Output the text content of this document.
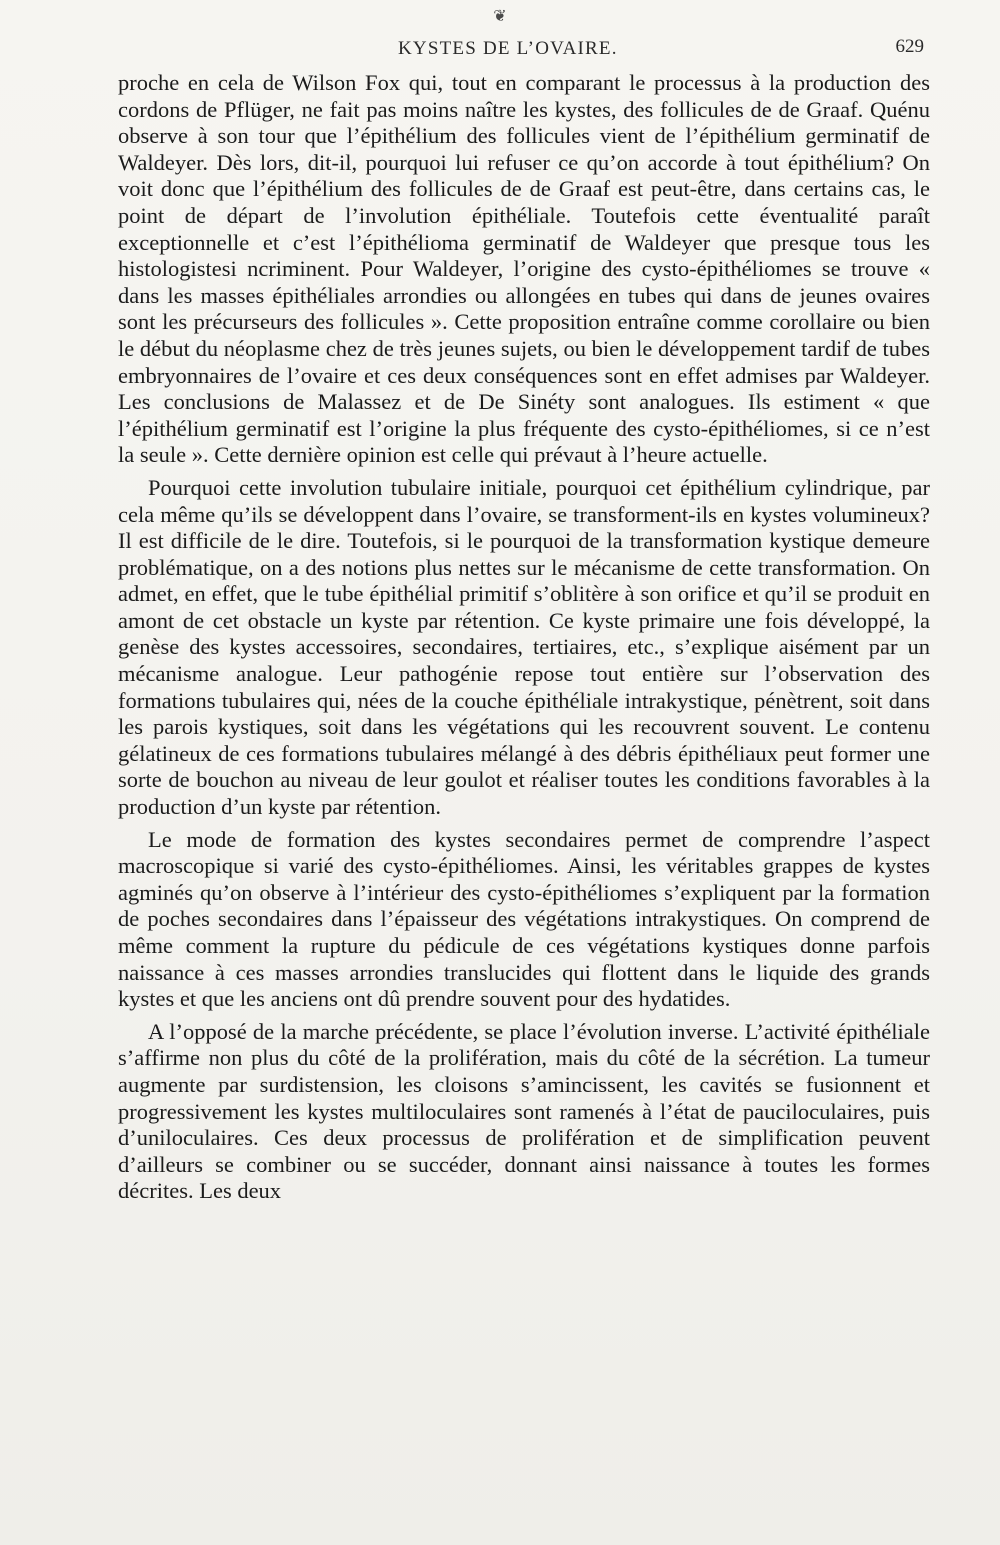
❦
KYSTES DE L’OVAIRE.	629

proche en cela de Wilson Fox qui, tout en comparant le processus à la production des cordons de Pflüger, ne fait pas moins naître les kystes, des follicules de de Graaf. Quénu observe à son tour que l’épithélium des follicules vient de l’épithélium germinatif de Waldeyer. Dès lors, dit-il, pourquoi lui refuser ce qu’on accorde à tout épithélium? On voit donc que l’épithélium des follicules de de Graaf est peut-être, dans certains cas, le point de départ de l’involution épithéliale. Toutefois cette éventualité paraît exceptionnelle et c’est l’épithélioma germinatif de Waldeyer que presque tous les histologistesi ncriminent. Pour Waldeyer, l’origine des cysto-épithéliomes se trouve « dans les masses épithéliales arrondies ou allongées en tubes qui dans de jeunes ovaires sont les précurseurs des follicules ». Cette proposition entraîne comme corollaire ou bien le début du néoplasme chez de très jeunes sujets, ou bien le développement tardif de tubes embryonnaires de l’ovaire et ces deux conséquences sont en effet admises par Waldeyer. Les conclusions de Malassez et de De Sinéty sont analogues. Ils estiment « que l’épithélium germinatif est l’origine la plus fréquente des cysto-épithéliomes, si ce n’est la seule ». Cette dernière opinion est celle qui prévaut à l’heure actuelle.

Pourquoi cette involution tubulaire initiale, pourquoi cet épithélium cylindrique, par cela même qu’ils se développent dans l’ovaire, se transforment-ils en kystes volumineux? Il est difficile de le dire. Toutefois, si le pourquoi de la transformation kystique demeure problématique, on a des notions plus nettes sur le mécanisme de cette transformation. On admet, en effet, que le tube épithélial primitif s’oblitère à son orifice et qu’il se produit en amont de cet obstacle un kyste par rétention. Ce kyste primaire une fois développé, la genèse des kystes accessoires, secondaires, tertiaires, etc., s’explique aisément par un mécanisme analogue. Leur pathogénie repose tout entière sur l’observation des formations tubulaires qui, nées de la couche épithéliale intrakystique, pénètrent, soit dans les parois kystiques, soit dans les végétations qui les recouvrent souvent. Le contenu gélatineux de ces formations tubulaires mélangé à des débris épithéliaux peut former une sorte de bouchon au niveau de leur goulot et réaliser toutes les conditions favorables à la production d’un kyste par rétention.

Le mode de formation des kystes secondaires permet de comprendre l’aspect macroscopique si varié des cysto-épithéliomes. Ainsi, les véritables grappes de kystes agminés qu’on observe à l’intérieur des cysto-épithéliomes s’expliquent par la formation de poches secondaires dans l’épaisseur des végétations intrakystiques. On comprend de même comment la rupture du pédicule de ces végétations kystiques donne parfois naissance à ces masses arrondies translucides qui flottent dans le liquide des grands kystes et que les anciens ont dû prendre souvent pour des hydatides.

A l’opposé de la marche précédente, se place l’évolution inverse. L’activité épithéliale s’affirme non plus du côté de la prolifération, mais du côté de la sécrétion. La tumeur augmente par surdistension, les cloisons s’amincissent, les cavités se fusionnent et progressivement les kystes multiloculaires sont ramenés à l’état de pauciloculaires, puis d’uniloculaires. Ces deux processus de prolifération et de simplification peuvent d’ailleurs se combiner ou se succéder, donnant ainsi naissance à toutes les formes décrites. Les deux
